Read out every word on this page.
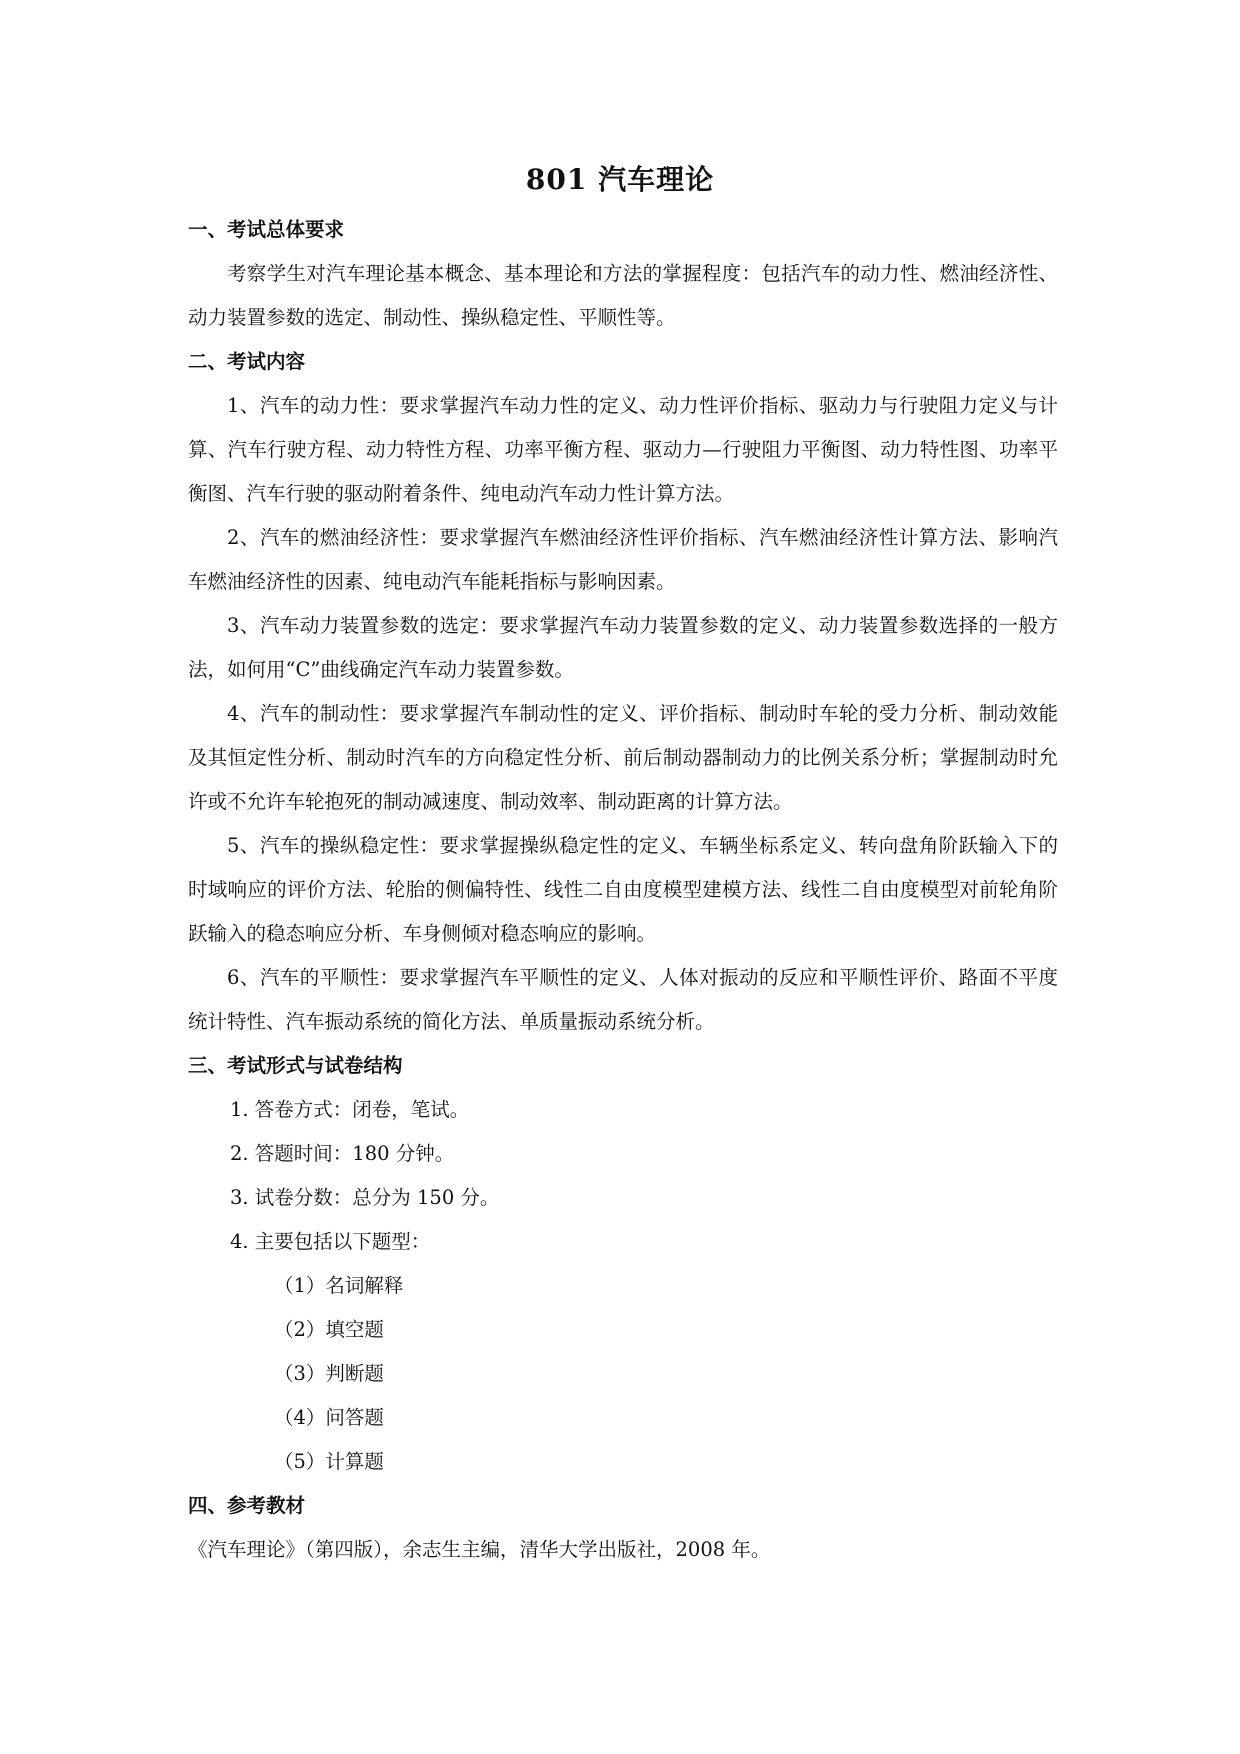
801 汽车理论
一、考试总体要求
考察学生对汽车理论基本概念、基本理论和方法的掌握程度：包括汽车的动力性、燃油经济性、动力装置参数的选定、制动性、操纵稳定性、平顺性等。
二、考试内容
1、汽车的动力性：要求掌握汽车动力性的定义、动力性评价指标、驱动力与行驶阻力定义与计算、汽车行驶方程、动力特性方程、功率平衡方程、驱动力—行驶阻力平衡图、动力特性图、功率平衡图、汽车行驶的驱动附着条件、纯电动汽车动力性计算方法。
2、汽车的燃油经济性：要求掌握汽车燃油经济性评价指标、汽车燃油经济性计算方法、影响汽车燃油经济性的因素、纯电动汽车能耗指标与影响因素。
3、汽车动力装置参数的选定：要求掌握汽车动力装置参数的定义、动力装置参数选择的一般方法，如何用“C”曲线确定汽车动力装置参数。
4、汽车的制动性：要求掌握汽车制动性的定义、评价指标、制动时车轮的受力分析、制动效能及其恒定性分析、制动时汽车的方向稳定性分析、前后制动器制动力的比例关系分析；掌握制动时允许或不允许车轮抱死的制动减速度、制动效率、制动距离的计算方法。
5、汽车的操纵稳定性：要求掌握操纵稳定性的定义、车辆坐标系定义、转向盘角阶跃输入下的时域响应的评价方法、轮胎的侧偏特性、线性二自由度模型建模方法、线性二自由度模型对前轮角阶跃输入的稳态响应分析、车身侧倾对稳态响应的影响。
6、汽车的平顺性：要求掌握汽车平顺性的定义、人体对振动的反应和平顺性评价、路面不平度统计特性、汽车振动系统的简化方法、单质量振动系统分析。
三、考试形式与试卷结构
1. 答卷方式：闭卷，笔试。
2. 答题时间：180 分钟。
3. 试卷分数：总分为 150 分。
4. 主要包括以下题型：
（1）名词解释
（2）填空题
（3）判断题
（4）问答题
（5）计算题
四、参考教材
《汽车理论》（第四版），余志生主编，清华大学出版社，2008 年。
